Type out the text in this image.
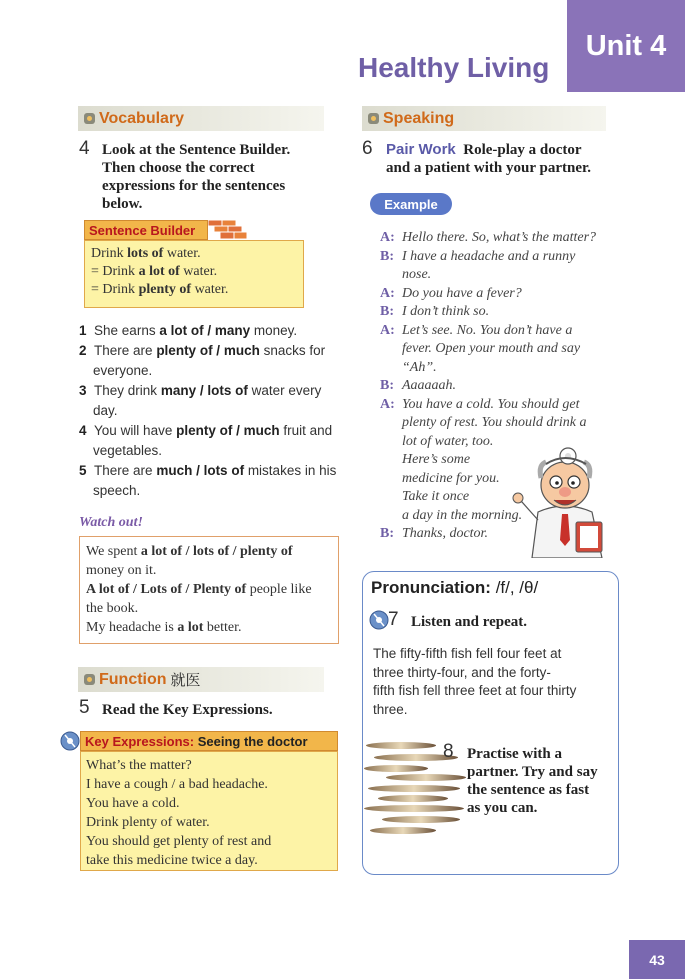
Unit 4
Healthy Living
Vocabulary
4 Look at the Sentence Builder.
Then choose the correct
expressions for the sentences
below.
Sentence Builder
Drink lots of water.
= Drink a lot of water.
= Drink plenty of water.
1 She earns a lot of / many money.
2 There are plenty of / much snacks for
everyone.
3 They drink many / lots of water every
day.
4 You will have plenty of / much fruit and
vegetables.
5 There are much / lots of mistakes in his
speech.
Watch out!
We spent a lot of / lots of / plenty of
money on it.
A lot of / Lots of / Plenty of people like
the book.
My headache is a lot better.
Function 就医
5 Read the Key Expressions.
Key Expressions:
Seeing the doctor
What’s the matter?
I have a cough / a bad headache.
You have a cold.
Drink plenty of water.
You should get plenty of rest and
take this medicine twice a day.
Speaking
6 Pair Work Role-play a doctor
and a patient with your partner.
Example
A: Hello there. So, what’s the matter?
B: I have a headache and a runny
nose.
A: Do you have a fever?
B: I don’t think so.
A: Let’s see. No. You don’t have a
fever. Open your mouth and say
“Ah”.
B: Aaaaaah.
A: You have a cold. You should get
plenty of rest. You should drink a
lot of water, too.
Here’s some
medicine for you.
Take it once
a day in the morning.
B: Thanks, doctor.
Pronunciation: /f/, /θ/
7 Listen and repeat.
The fifty-fifth fish fell four feet at
three thirty-four, and the forty-
fifth fish fell three feet at four thirty
three.
8 Practise with a
partner. Try and say
the sentence as fast
as you can.
43
